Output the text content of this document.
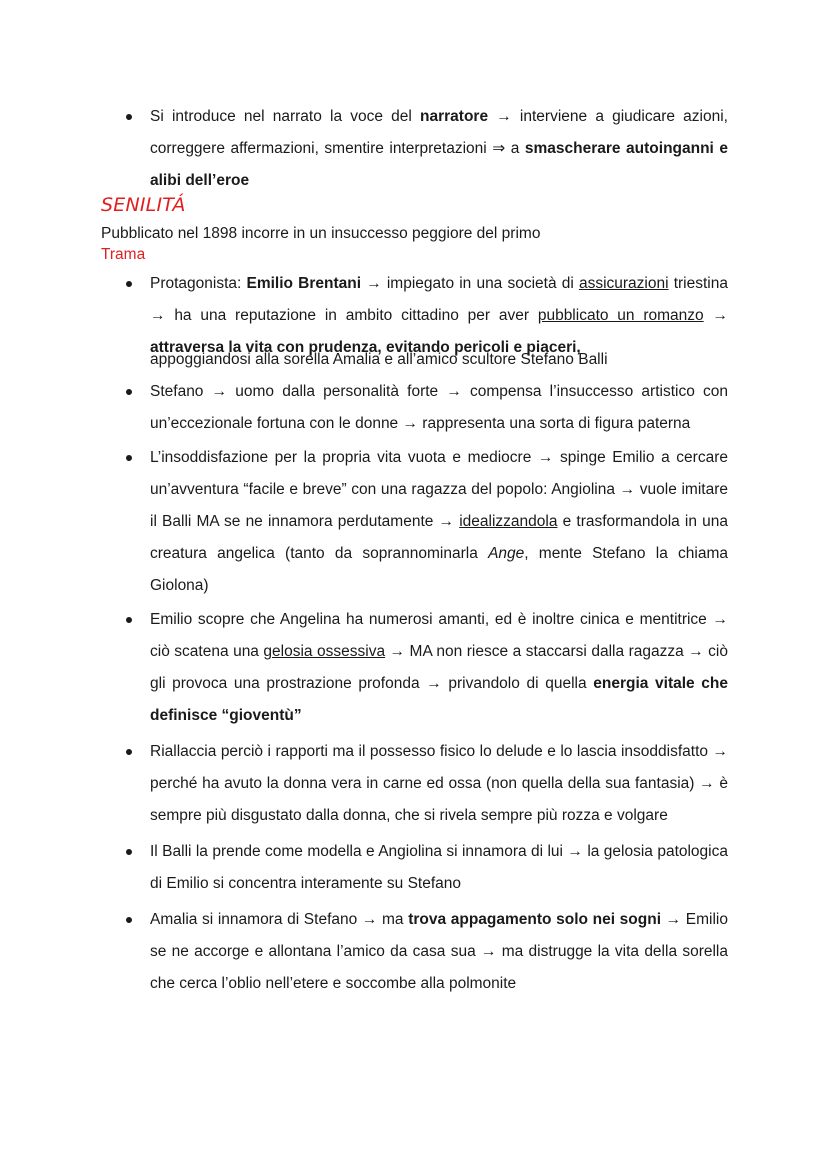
Si introduce nel narrato la voce del narratore → interviene a giudicare azioni, correggere affermazioni, smentire interpretazioni ⇒ a smascherare autoinganni e alibi dell’eroe
SENILITÁ
Pubblicato nel 1898 incorre in un insuccesso peggiore del primo
Trama
Protagonista: Emilio Brentani → impiegato in una società di assicurazioni triestina → ha una reputazione in ambito cittadino per aver pubblicato un romanzo → attraversa la vita con prudenza, evitando pericoli e piaceri,
appoggiandosi alla sorella Amalia e all’amico scultore Stefano Balli
Stefano → uomo dalla personalità forte → compensa l’insuccesso artistico con un’eccezionale fortuna con le donne → rappresenta una sorta di figura paterna
L’insoddisfazione per la propria vita vuota e mediocre → spinge Emilio a cercare un’avventura “facile e breve” con una ragazza del popolo: Angiolina → vuole imitare il Balli MA se ne innamora perdutamente → idealizzandola e trasformandola in una creatura angelica (tanto da soprannominarla Ange, mente Stefano la chiama Giolona)
Emilio scopre che Angelina ha numerosi amanti, ed è inoltre cinica e mentitrice → ciò scatena una gelosia ossessiva → MA non riesce a staccarsi dalla ragazza → ciò gli provoca una prostrazione profonda → privandolo di quella energia vitale che definisce “gioventù”
Riallaccia perciò i rapporti ma il possesso fisico lo delude e lo lascia insoddisfatto → perché ha avuto la donna vera in carne ed ossa (non quella della sua fantasia) → è sempre più disgustato dalla donna, che si rivela sempre più rozza e volgare
Il Balli la prende come modella e Angiolina si innamora di lui → la gelosia patologica di Emilio si concentra interamente su Stefano
Amalia si innamora di Stefano → ma trova appagamento solo nei sogni → Emilio se ne accorge e allontana l’amico da casa sua → ma distrugge la vita della sorella che cerca l’oblio nell’etere e soccombe alla polmonite
